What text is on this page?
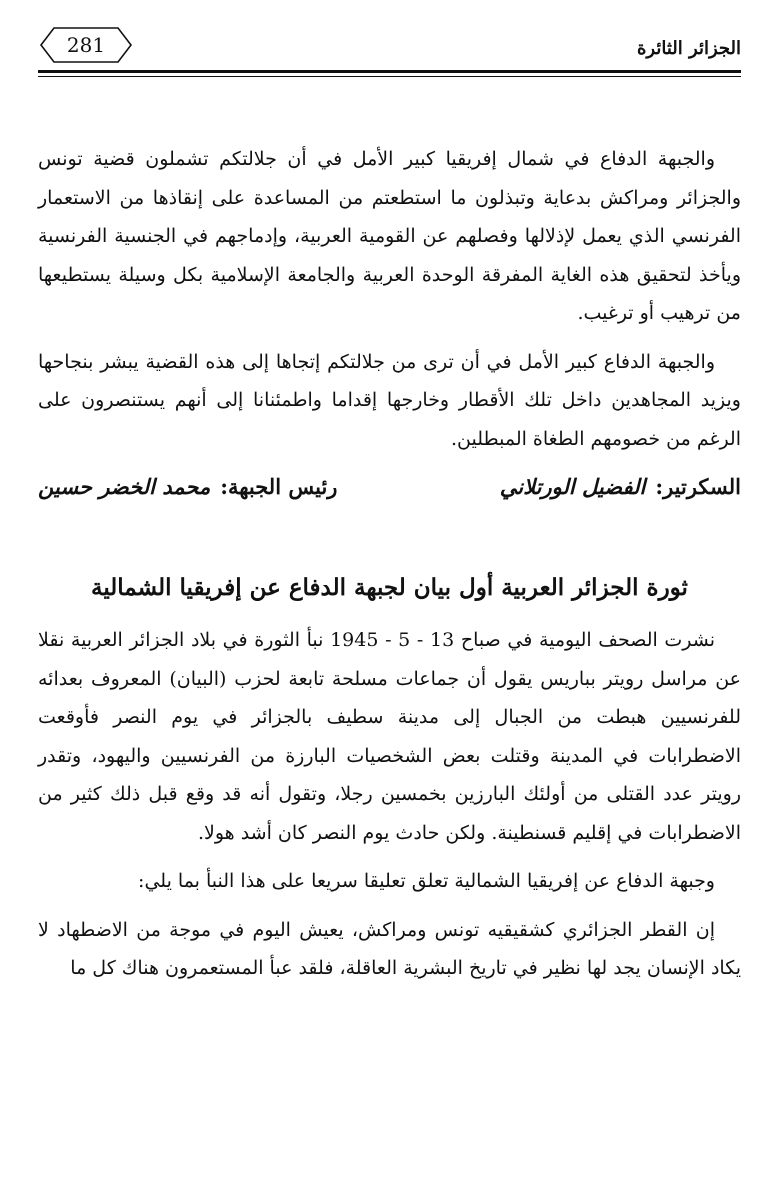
الجزائر الثائرة
281

والجبهة الدفاع في شمال إفريقيا كبير الأمل في أن جلالتكم تشملون قضية تونس والجزائر ومراكش بدعاية وتبذلون ما استطعتم من المساعدة على إنقاذها من الاستعمار الفرنسي الذي يعمل لإذلالها وفصلهم عن القومية العربية، وإدماجهم في الجنسية الفرنسية ويأخذ لتحقيق هذه الغاية المفرقة الوحدة العربية والجامعة الإسلامية بكل وسيلة يستطيعها من ترهيب أو ترغيب.

والجبهة الدفاع كبير الأمل في أن ترى من جلالتكم إتجاها إلى هذه القضية يبشر بنجاحها ويزيد المجاهدين داخل تلك الأقطار وخارجها إقداما واطمئنانا إلى أنهم يستنصرون على الرغم من خصومهم الطغاة المبطلين.

السكرتير:
الفضيل الورتلاني
رئيس الجبهة:
محمد الخضر حسين
ثورة الجزائر العربية أول بيان لجبهة الدفاع عن إفريقيا الشمالية

نشرت الصحف اليومية في صباح 13 - 5 - 1945 نبأ الثورة في بلاد الجزائر العربية نقلا عن مراسل رويتر بباريس يقول أن جماعات مسلحة تابعة لحزب (البيان) المعروف بعدائه للفرنسيين هبطت من الجبال إلى مدينة سطيف بالجزائر في يوم النصر فأوقعت الاضطرابات في المدينة وقتلت بعض الشخصيات البارزة من الفرنسيين واليهود، وتقدر رويتر عدد القتلى من أولئك البارزين بخمسين رجلا، وتقول أنه قد وقع قبل ذلك كثير من الاضطرابات في إقليم قسنطينة. ولكن حادث يوم النصر كان أشد هولا.

وجبهة الدفاع عن إفريقيا الشمالية تعلق تعليقا سريعا على هذا النبأ بما يلي:

إن القطر الجزائري كشقيقيه تونس ومراكش، يعيش اليوم في موجة من الاضطهاد لا يكاد الإنسان يجد لها نظير في تاريخ البشرية العاقلة، فلقد عبأ المستعمرون هناك كل ما
